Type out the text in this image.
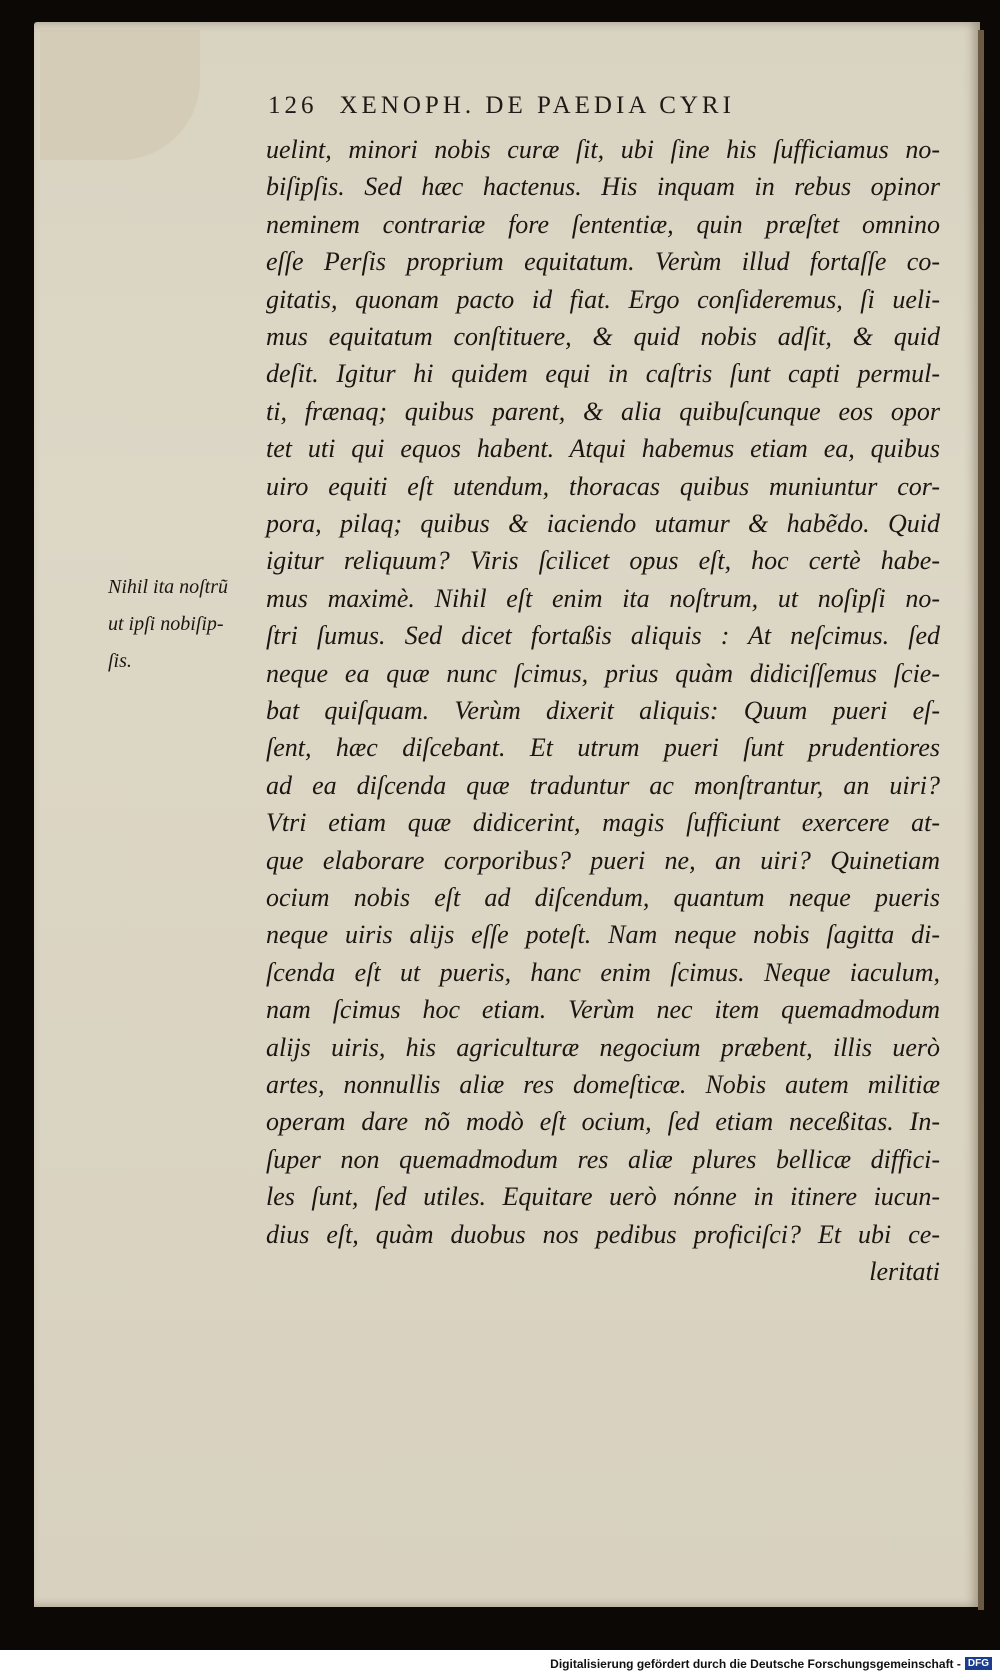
126 XENOPH. DE PAEDIA CYRI
uelint, minori nobis curæ ſit, ubi ſine his ſufficiamus no-
biſipſis. Sed hæc hactenus. His inquam in rebus opinor
neminem contrariæ fore ſententiæ, quin præſtet omnino
eſſe Perſis proprium equitatum. Verùm illud fortaſſe co-
gitatis, quonam pacto id fiat. Ergo conſideremus, ſi ueli-
mus equitatum conſtituere, & quid nobis adſit, & quid
deſit. Igitur hi quidem equi in caſtris ſunt capti permul-
ti, frænaq; quibus parent, & alia quibuſcunque eos opor
tet uti qui equos habent. Atqui habemus etiam ea, quibus
uiro equiti eſt utendum, thoracas quibus muniuntur cor-
pora, pilaq; quibus & iaciendo utamur & habẽdo. Quid
igitur reliquum? Viris ſcilicet opus eſt, hoc certè habe-
mus maximè. Nihil eſt enim ita noſtrum, ut noſipſi no-
ſtri ſumus. Sed dicet fortaßis aliquis : At neſcimus. ſed
neque ea quæ nunc ſcimus, prius quàm didiciſſemus ſcie-
bat quiſquam. Verùm dixerit aliquis: Quum pueri eſ-
ſent, hæc diſcebant. Et utrum pueri ſunt prudentiores
ad ea diſcenda quæ traduntur ac monſtrantur, an uiri?
Vtri etiam quæ didicerint, magis ſufficiunt exercere at-
que elaborare corporibus? pueri ne, an uiri? Quinetiam
ocium nobis eſt ad diſcendum, quantum neque pueris
neque uiris alijs eſſe poteſt. Nam neque nobis ſagitta di-
ſcenda eſt ut pueris, hanc enim ſcimus. Neque iaculum,
nam ſcimus hoc etiam. Verùm nec item quemadmodum
alijs uiris, his agriculturæ negocium præbent, illis uerò
artes, nonnullis aliæ res domeſticæ. Nobis autem militiæ
operam dare nõ modò eſt ocium, ſed etiam neceßitas. In-
ſuper non quemadmodum res aliæ plures bellicæ diffici-
les ſunt, ſed utiles. Equitare uerò nónne in itinere iucun-
dius eſt, quàm duobus nos pedibus proficiſci? Et ubi ce-
leritati
Nihil ita noſtrũ
ut ipſi nobiſip-
ſis.
Digitalisierung gefördert durch die Deutsche Forschungsgemeinschaft - DFG
